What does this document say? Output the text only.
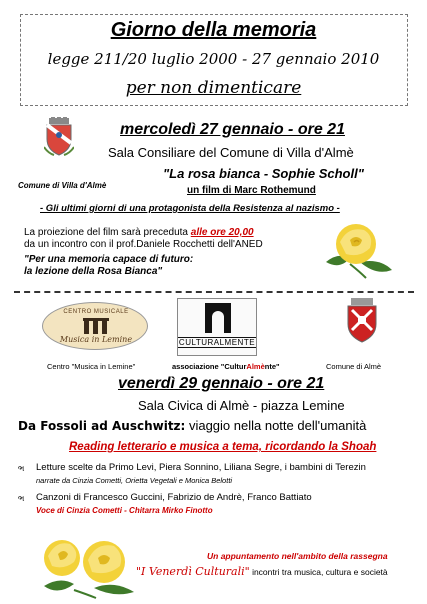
Giorno della memoria
legge 211/20 luglio 2000 - 27 gennaio 2010
per non dimenticare
Comune di Villa d'Almè
mercoledì 27 gennaio - ore 21
Sala Consiliare del Comune di Villa d'Almè
"La rosa bianca - Sophie Scholl"
un film di Marc Rothemund
- Gli ultimi giorni di una protagonista della Resistenza al nazismo -
La proiezione del film sarà preceduta alle ore 20,00
da un incontro con il prof.Daniele Rocchetti dell'ANED
"Per una memoria capace di futuro:
la lezione della Rosa Bianca"
CENTRO MUSICALE
Musica in Lemine	CULTURALMENTE
Centro "Musica in Lemine"	associazione "CulturAlmènte"	Comune di Almè
venerdì 29 gennaio - ore 21
Sala Civica di Almè - piazza Lemine
Da Fossoli ad Auschwitz: viaggio nella notte dell'umanità
Reading letterario e musica a tema, ricordando la Shoah
ભ Letture scelte da Primo Levi, Piera Sonnino, Liliana Segre, i bambini di Terezin
narrate da Cinzia Cometti, Orietta Vegetali e Monica Belotti
ભ Canzoni di Francesco Guccini, Fabrizio de Andrè, Franco Battiato
Voce di Cinzia Cometti - Chitarra Mirko Finotto
Un appuntamento nell'ambito della rassegna
"I Venerdì Culturali" incontri tra musica, cultura e società
